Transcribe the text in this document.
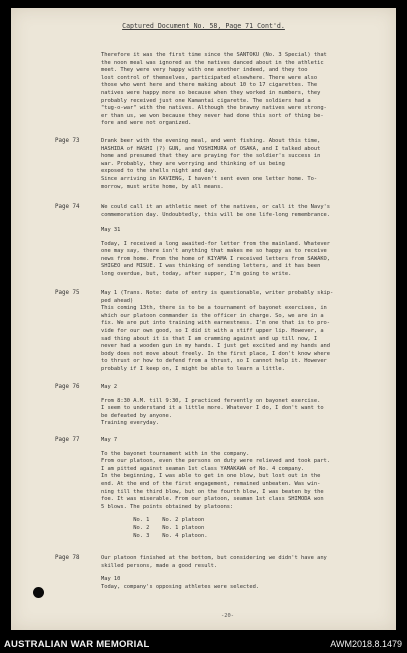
Captured Document No. 58, Page 71 Cont'd.
Therefore it was the first time since the SANTOKU (No. 3 Special) that
the noon meal was ignored as the natives danced about in the athletic
meet. They were very happy with one another indeed, and they too
lost control of themselves, participated elsewhere. There were also
those who went here and there making about 10 to 17 cigarettes. The
natives were happy more so because when they worked in numbers, they
probably received just one Kamantai cigarette. The soldiers had a
"tug-o-war" with the natives. Although the brawny natives were strong-
er than us, we won because they never had done this sort of thing be-
fore and were not organized.
Page 73	Drank beer with the evening meal, and went fishing. About this time,
HASHIDA of HASHI (?) GUN, and YOSHIMURA of OSAKA, and I talked about
home and presumed that they are praying for the soldier's success in
war. Probably, they are worrying and thinking of us being
exposed to the shells night and day.
Since arriving in KAVIENG, I haven't sent even one letter home. To-
morrow, must write home, by all means.
Page 74	We could call it an athletic meet of the natives, or call it the Navy's
commemoration day. Undoubtedly, this will be one life-long remembrance.
May 31
Today, I received a long awaited-for letter from the mainland. Whatever
one may say, there isn't anything that makes me so happy as to receive
news from home. From the home of KIYAMA I received letters from SAWAKO,
SHIGEO and MISUE. I was thinking of sending letters, and it has been
long overdue, but, today, after supper, I'm going to write.
Page 75	May 1 (Trans. Note: date of entry is questionable, writer probably skip-
ped ahead)
This coming 13th, there is to be a tournament of bayonet exercises, in
which our platoon commander is the officer in charge. So, we are in a
fix. We are put into training with earnestness. I'm one that is to pro-
vide for our own good, so I did it with a stiff upper lip. However, a
sad thing about it is that I am cramming against and up till now, I
never had a wooden gun in my hands. I just get excited and my hands and
body does not move about freely. In the first place, I don't know where
to thrust or how to defend from a thrust, so I cannot help it. However
probably if I keep on, I might be able to learn a little.
Page 76	May 2
From 8:30 A.M. till 9:30, I practiced fervently on bayonet exercise.
I seem to understand it a little more. Whatever I do, I don't want to
be defeated by anyone.
Training everyday.
Page 77	May 7
To the bayonet tournament with in the company.
From our platoon, even the persons on duty were relieved and took part.
I am pitted against seaman 1st class YAMAKAWA of No. 4 company.
In the beginning, I was able to get in one blow, but lost out in the
end. At the end of the first engagement, remained unbeaten. Was win-
ning till the third blow, but on the fourth blow, I was beaten by the
foe. It was miserable. From our platoon, seaman 1st class SHIMODA won
5 blows. The points obtained by platoons:
No. 1    No. 2 platoon
No. 2    No. 1 platoon
No. 3    No. 4 platoon.
Page 78	Our platoon finished at the bottom, but considering we didn't have any
skilled persons, made a good result.
May 10
Today, company's opposing athletes were selected.
-20-
AUSTRALIAN WAR MEMORIAL	AWM2018.8.1479
